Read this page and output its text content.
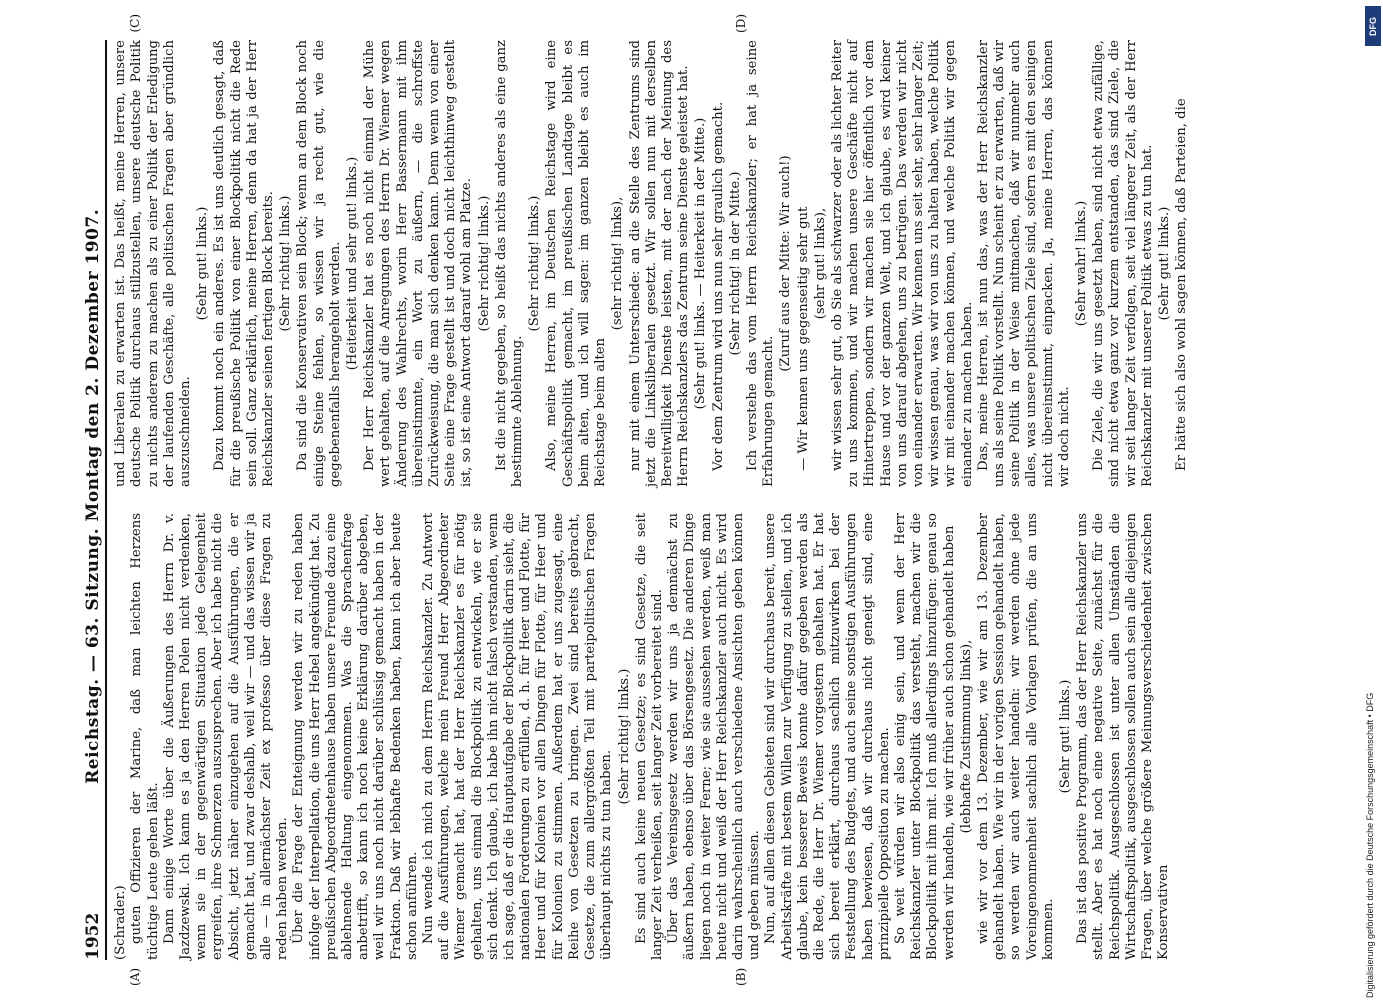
1952
Reichstag. — 63. Sitzung. Montag den 2. Dezember 1907.
(A)	(B)

(Schrader.) guten Offizieren der Marine, daß man leichten Herzens tüchtige Leute gehen läßt. Dann einige Worte über die Äußerungen des Herrn Dr. v. Jazdzewski. Ich kann es ja den Herren Polen nicht verdenken, wenn sie in der gegenwärtigen Situation jede Gelegenheit ergreifen, ihre Schmerzen auszusprechen. Aber ich habe nicht die Absicht, jetzt näher einzugehen auf die Ausführungen, die er gemacht hat, und zwar deshalb, weil wir — und das wissen wir ja alle — in allernächster Zeit ex professo über diese Fragen zu reden haben werden. Über die Frage der Enteignung werden wir zu reden haben infolge der Interpellation, die uns Herr Hebel angekündigt hat. Zu preußischen Abgeordnetenhause haben unsere Freunde dazu eine ablehnende Haltung eingenommen. Was die Sprachenfrage anbetrifft, so kann ich noch keine Erklärung darüber abgeben, weil wir uns noch nicht darüber schlüssig gemacht haben in der Fraktion. Daß wir lebhafte Bedenken haben, kann ich aber heute schon anführen. Nun wende ich mich zu dem Herrn Reichskanzler. Zu Antwort auf die Ausführungen, welche mein Freund Herr Abgeordneter Wiemer gemacht hat, hat der Herr Reichskanzler es für nötig gehalten, uns einmal die Blockpolitik zu entwickeln, wie er sie sich denkt. Ich glaube, ich habe ihn nicht falsch verstanden, wenn ich sage, daß er die Hauptaufgabe der Blockpolitik darin sieht, die nationalen Forderungen zu erfüllen, d. h. für Heer und Flotte, für Heer und für Kolonien vor allen Dingen für Flotte, für Heer und für Kolonien zu stimmen. Außerdem hat er uns zugesagt, eine Reihe von Gesetzen zu bringen. Zwei sind bereits gebracht, Gesetze, die zum allergrößten Teil mit parteipolitischen Fragen überhaupt nichts zu tun haben.

(Sehr richtig! links.) Es sind auch keine neuen Gesetze; es sind Gesetze, die seit langer Zeit verheißen, seit langer Zeit vorbereitet sind. Über das Vereinsgesetz werden wir uns ja demnächst zu äußern haben, ebenso über das Börsengesetz. Die anderen Dinge liegen noch in weiter Ferne; wie sie aussehen werden, weiß man heute nicht und weiß der Herr Reichskanzler auch nicht. Es wird darin wahrscheinlich auch verschiedene Ansichten geben können und geben müssen. Nun, auf allen diesen Gebieten sind wir durchaus bereit, unsere Arbeitskräfte mit bestem Willen zur Verfügung zu stellen, und ich glaube, kein besserer Beweis konnte dafür gegeben werden als die Rede, die Herr Dr. Wiemer vorgestern gehalten hat. Er hat sich bereit erklärt, durchaus sachlich mitzuwirken bei der Feststellung des Budgets, und auch seine sonstigen Ausführungen haben bewiesen, daß wir durchaus nicht geneigt sind, eine prinzipielle Opposition zu machen. So weit würden wir also einig sein, und wenn der Herr Reichskanzler unter Blockpolitik das versteht, machen wir die Blockpolitik mit ihm mit. Ich muß allerdings hinzufügen: genau so werden wir handeln, wie wir früher auch schon gehandelt haben (lebhafte Zustimmung links), wie wir vor dem 13. Dezember, wie wir am 13. Dezember gehandelt haben. Wie wir in der vorigen Session gehandelt haben, so werden wir auch weiter handeln: wir werden ohne jede Voreingenommenheit sachlich alle Vorlagen prüfen, die an uns kommen.

(Sehr gut! links.) Das ist das positive Programm, das der Herr Reichskanzler uns stellt. Aber es hat noch eine negative Seite, zunächst für die Reichspolitik. Ausgeschlossen ist unter allen Umständen die Wirtschaftspolitik, ausgeschlossen sollen auch sein alle diejenigen Fragen, über welche größere Meinungsverschiedenheit zwischen Konservativen

(C)	(D)

und Liberalen zu erwarten ist. Das heißt, meine Herren, unsere deutsche Politik durchaus stillzustellen, unsere deutsche Politik zu nichts anderem zu machen als zu einer Politik der Erledigung der laufenden Geschäfte, alle politischen Fragen aber gründlich auszuschneiden.

(Sehr gut! links.) Dazu kommt noch ein anderes. Es ist uns deutlich gesagt, daß für die preußische Politik von einer Blockpolitik nicht die Rede sein soll. Ganz erklärlich, meine Herren, denn da hat ja der Herr Reichskanzler seinen fertigen Block bereits. (Sehr richtig! links.) Da sind die Konservativen sein Block; wenn an dem Block noch einige Steine fehlen, so wissen wir ja recht gut, wie die gegebenenfalls herangeholt werden. (Heiterkeit und sehr gut! links.) Der Herr Reichskanzler hat es noch nicht einmal der Mühe wert gehalten, auf die Anregungen des Herrn Dr. Wiemer wegen Änderung des Wahlrechts, worin Herr Bassermann mit ihm übereinstimmte, ein Wort zu äußern, — die schroffste Zurückweisung, die man sich denken kann. Denn wenn von einer Seite eine Frage gestellt ist und doch nicht leichthinweg gestellt ist, so ist eine Antwort darauf wohl am Platze. (Sehr richtig! links.) Ist die nicht gegeben, so heißt das nichts anderes als eine ganz bestimmte Ablehnung.

(Sehr richtig! links.) Also, meine Herren, im Deutschen Reichstage wird eine Geschäftspolitik gemacht, im preußischen Landtage bleibt es beim alten, und ich will sagen: im ganzen bleibt es auch im Reichstage beim alten

(sehr richtig! links), nur mit einem Unterschiede: an die Stelle des Zentrums sind jetzt die Linksliberalen gesetzt. Wir sollen nun mit derselben Bereitwilligkeit Dienste leisten, mit der nach der Meinung des Herrn Reichskanzlers das Zentrum seine Dienste geleistet hat. (Sehr gut! links. — Heiterkeit in der Mitte.) Vor dem Zentrum wird uns nun sehr graulich gemacht. (Sehr richtig! in der Mitte.) Ich verstehe das vom Herrn Reichskanzler; er hat ja seine Erfahrungen gemacht.

(Zuruf aus der Mitte: Wir auch!) — Wir kennen uns gegenseitig sehr gut (sehr gut! links), wir wissen sehr gut, ob Sie als schwarzer oder als lichter Reiter zu uns kommen, und wir machen unsere Geschäfte nicht auf Hintertreppen, sondern wir machen sie hier öffentlich vor dem Hause und vor der ganzen Welt, und ich glaube, es wird keiner von uns darauf abgehen, uns zu betrügen. Das werden wir nicht von einander erwarten. Wir kennen uns seit sehr, sehr langer Zeit; wir wissen genau, was wir von uns zu halten haben, welche Politik wir mit einander machen können, und welche Politik wir gegen einander zu machen haben. Das, meine Herren, ist nun das, was der Herr Reichskanzler uns als seine Politik vorstellt. Nun scheint er zu erwarten, daß wir seine Politik in der Weise mitmachen, daß wir nunmehr auch alles, was unsere politischen Ziele sind, sofern es mit den seinigen nicht übereinstimmt, einpacken. Ja, meine Herren, das können wir doch nicht.

(Sehr wahr! links.) Die Ziele, die wir uns gesetzt haben, sind nicht etwa zufällige, sind nicht etwa ganz vor kurzem entstanden, das sind Ziele, die wir seit langer Zeit verfolgen, seit viel längerer Zeit, als der Herr Reichskanzler mit unserer Politik etwas zu tun hat. (Sehr gut! links.) Er hätte sich also wohl sagen können, daß Parteien, die

Digitalisierung gefördert durch die Deutsche Forschungsgemeinschaft • DFG
DFG
